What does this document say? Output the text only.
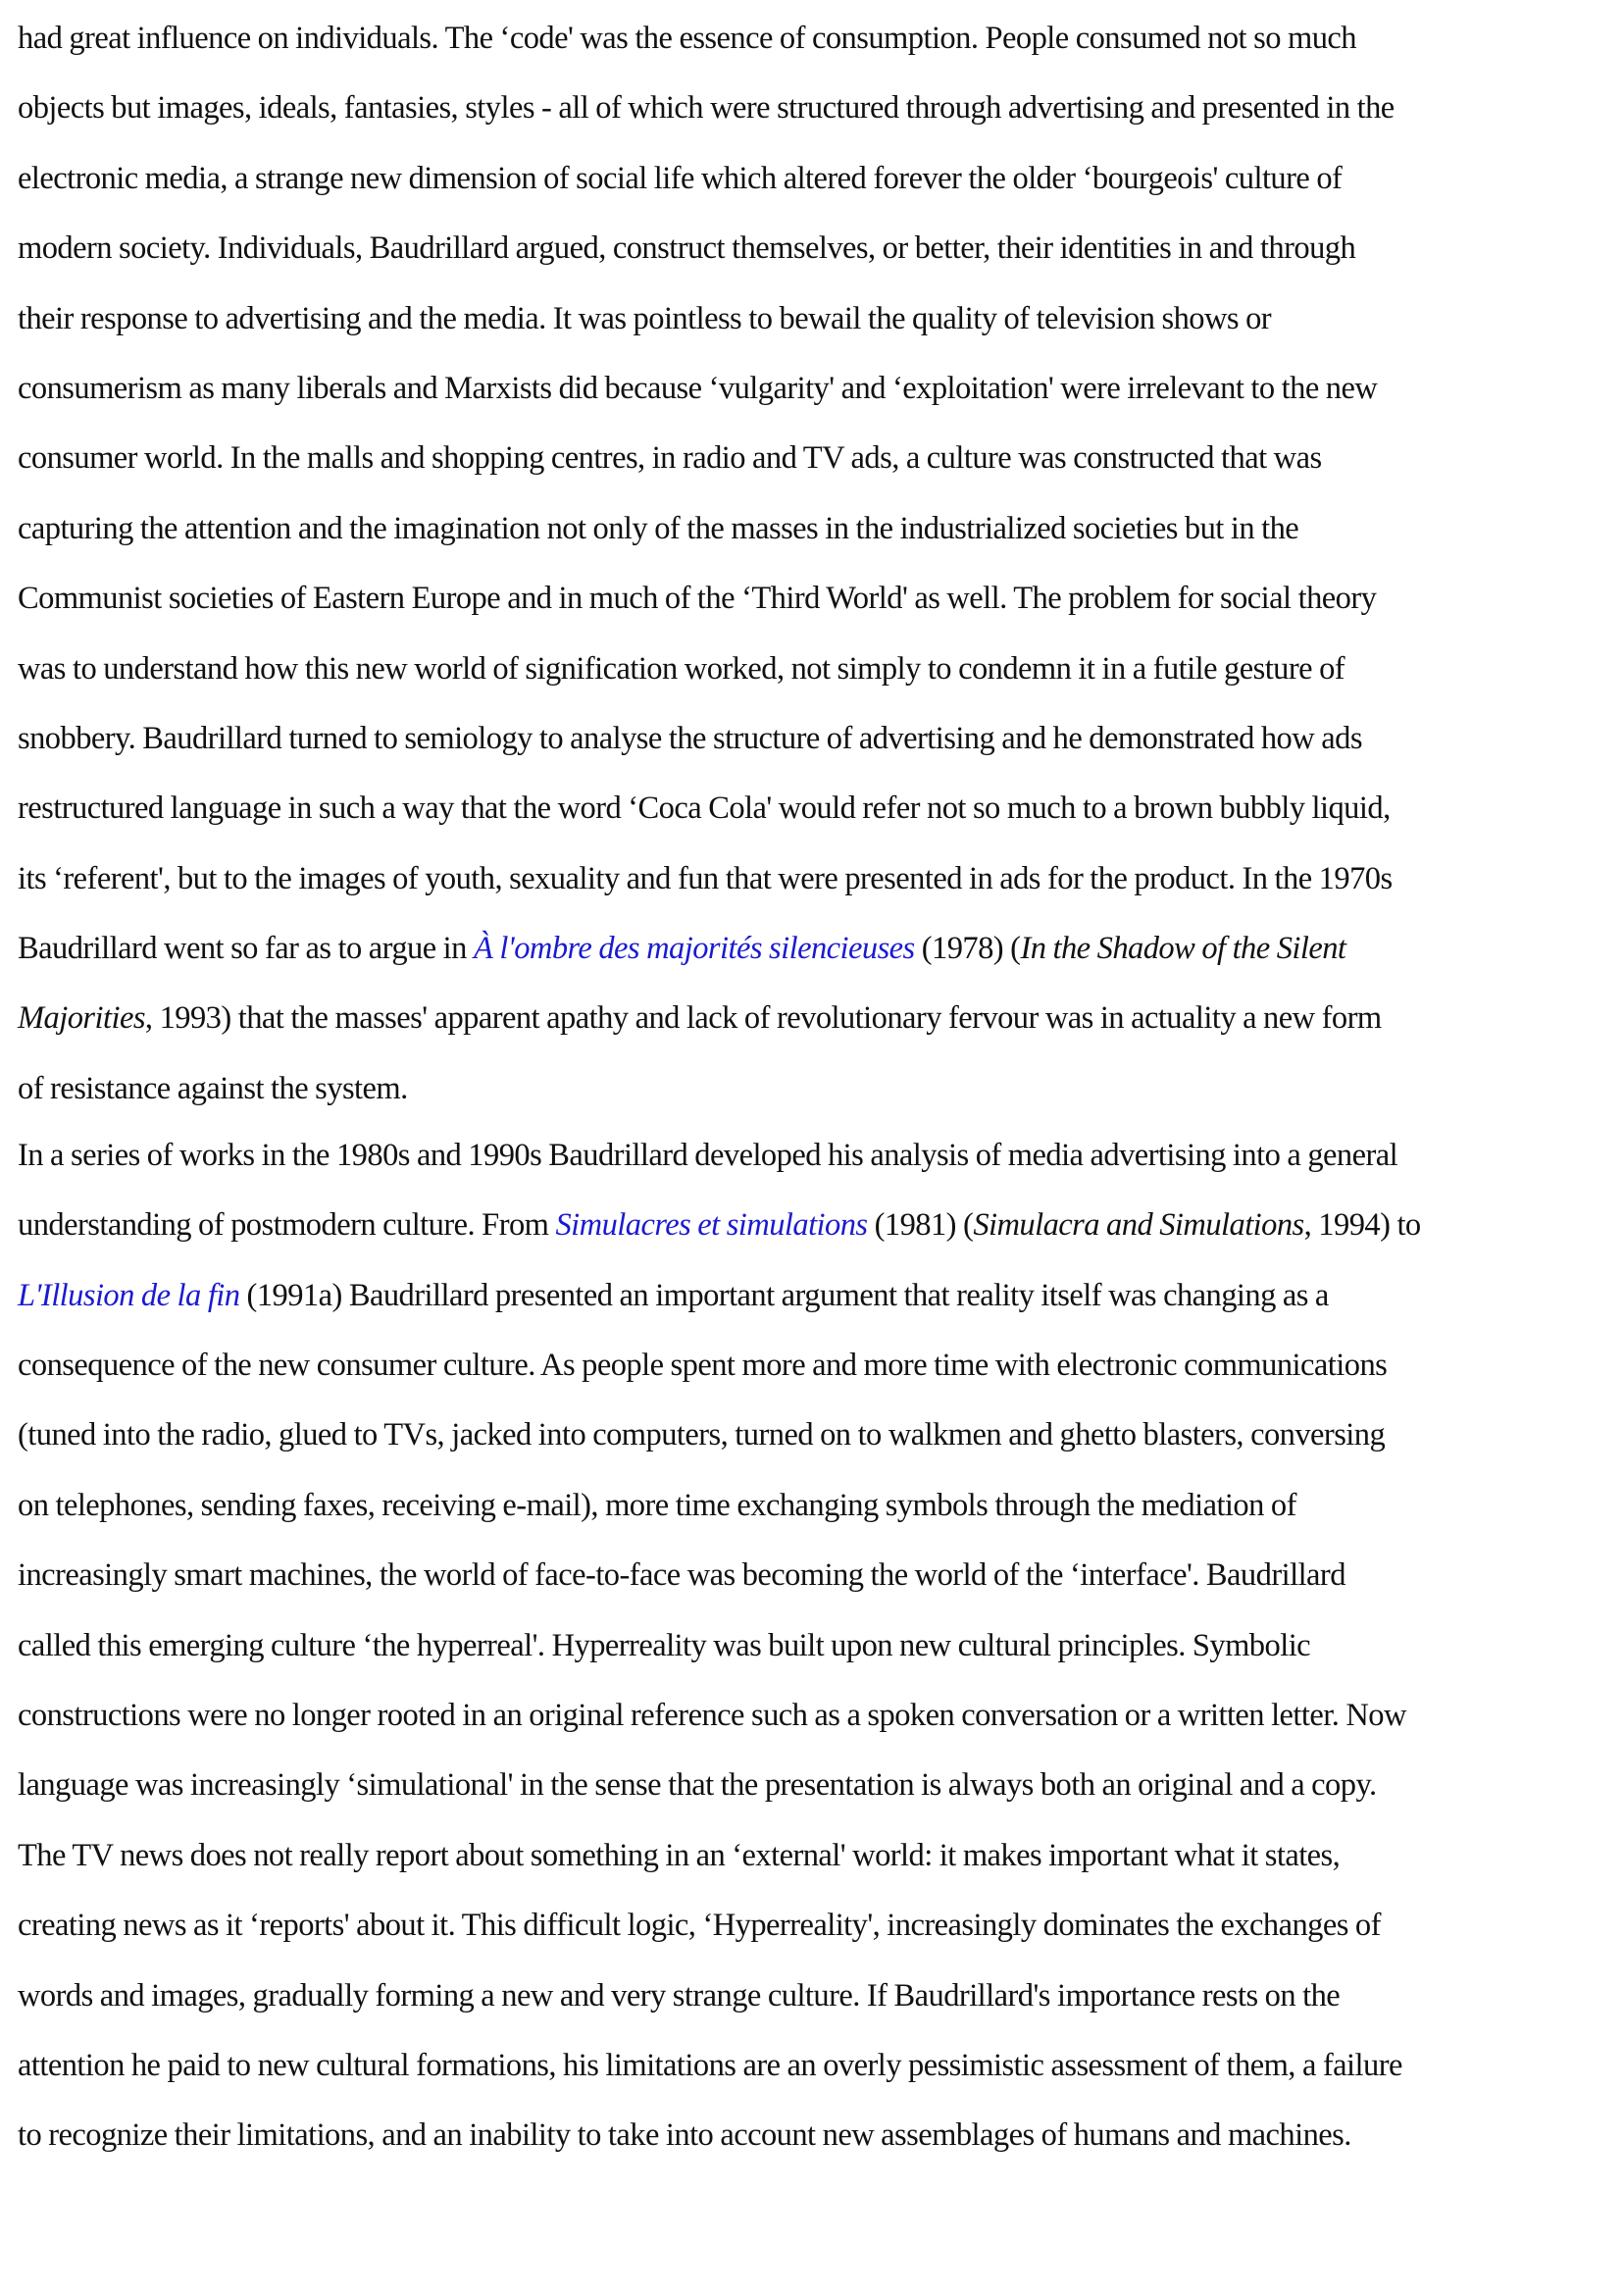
had great influence on individuals. The ‘code' was the essence of consumption. People consumed not so much
objects but images, ideals, fantasies, styles - all of which were structured through advertising and presented in the
electronic media, a strange new dimension of social life which altered forever the older ‘bourgeois' culture of
modern society. Individuals, Baudrillard argued, construct themselves, or better, their identities in and through
their response to advertising and the media. It was pointless to bewail the quality of television shows or
consumerism as many liberals and Marxists did because ‘vulgarity' and ‘exploitation' were irrelevant to the new
consumer world. In the malls and shopping centres, in radio and TV ads, a culture was constructed that was
capturing the attention and the imagination not only of the masses in the industrialized societies but in the
Communist societies of Eastern Europe and in much of the ‘Third World' as well. The problem for social theory
was to understand how this new world of signification worked, not simply to condemn it in a futile gesture of
snobbery. Baudrillard turned to semiology to analyse the structure of advertising and he demonstrated how ads
restructured language in such a way that the word ‘Coca Cola' would refer not so much to a brown bubbly liquid,
its ‘referent', but to the images of youth, sexuality and fun that were presented in ads for the product. In the 1970s
Baudrillard went so far as to argue in À l'ombre des majorités silencieuses (1978) (In the Shadow of the Silent
Majorities, 1993) that the masses' apparent apathy and lack of revolutionary fervour was in actuality a new form
of resistance against the system.
In a series of works in the 1980s and 1990s Baudrillard developed his analysis of media advertising into a general
understanding of postmodern culture. From Simulacres et simulations (1981) (Simulacra and Simulations, 1994) to
L'Illusion de la fin (1991a) Baudrillard presented an important argument that reality itself was changing as a
consequence of the new consumer culture. As people spent more and more time with electronic communications
(tuned into the radio, glued to TVs, jacked into computers, turned on to walkmen and ghetto blasters, conversing
on telephones, sending faxes, receiving e-mail), more time exchanging symbols through the mediation of
increasingly smart machines, the world of face-to-face was becoming the world of the ‘interface'. Baudrillard
called this emerging culture ‘the hyperreal'. Hyperreality was built upon new cultural principles. Symbolic
constructions were no longer rooted in an original reference such as a spoken conversation or a written letter. Now
language was increasingly ‘simulational' in the sense that the presentation is always both an original and a copy.
The TV news does not really report about something in an ‘external' world: it makes important what it states,
creating news as it ‘reports' about it. This difficult logic, ‘Hyperreality', increasingly dominates the exchanges of
words and images, gradually forming a new and very strange culture. If Baudrillard's importance rests on the
attention he paid to new cultural formations, his limitations are an overly pessimistic assessment of them, a failure
to recognize their limitations, and an inability to take into account new assemblages of humans and machines.
